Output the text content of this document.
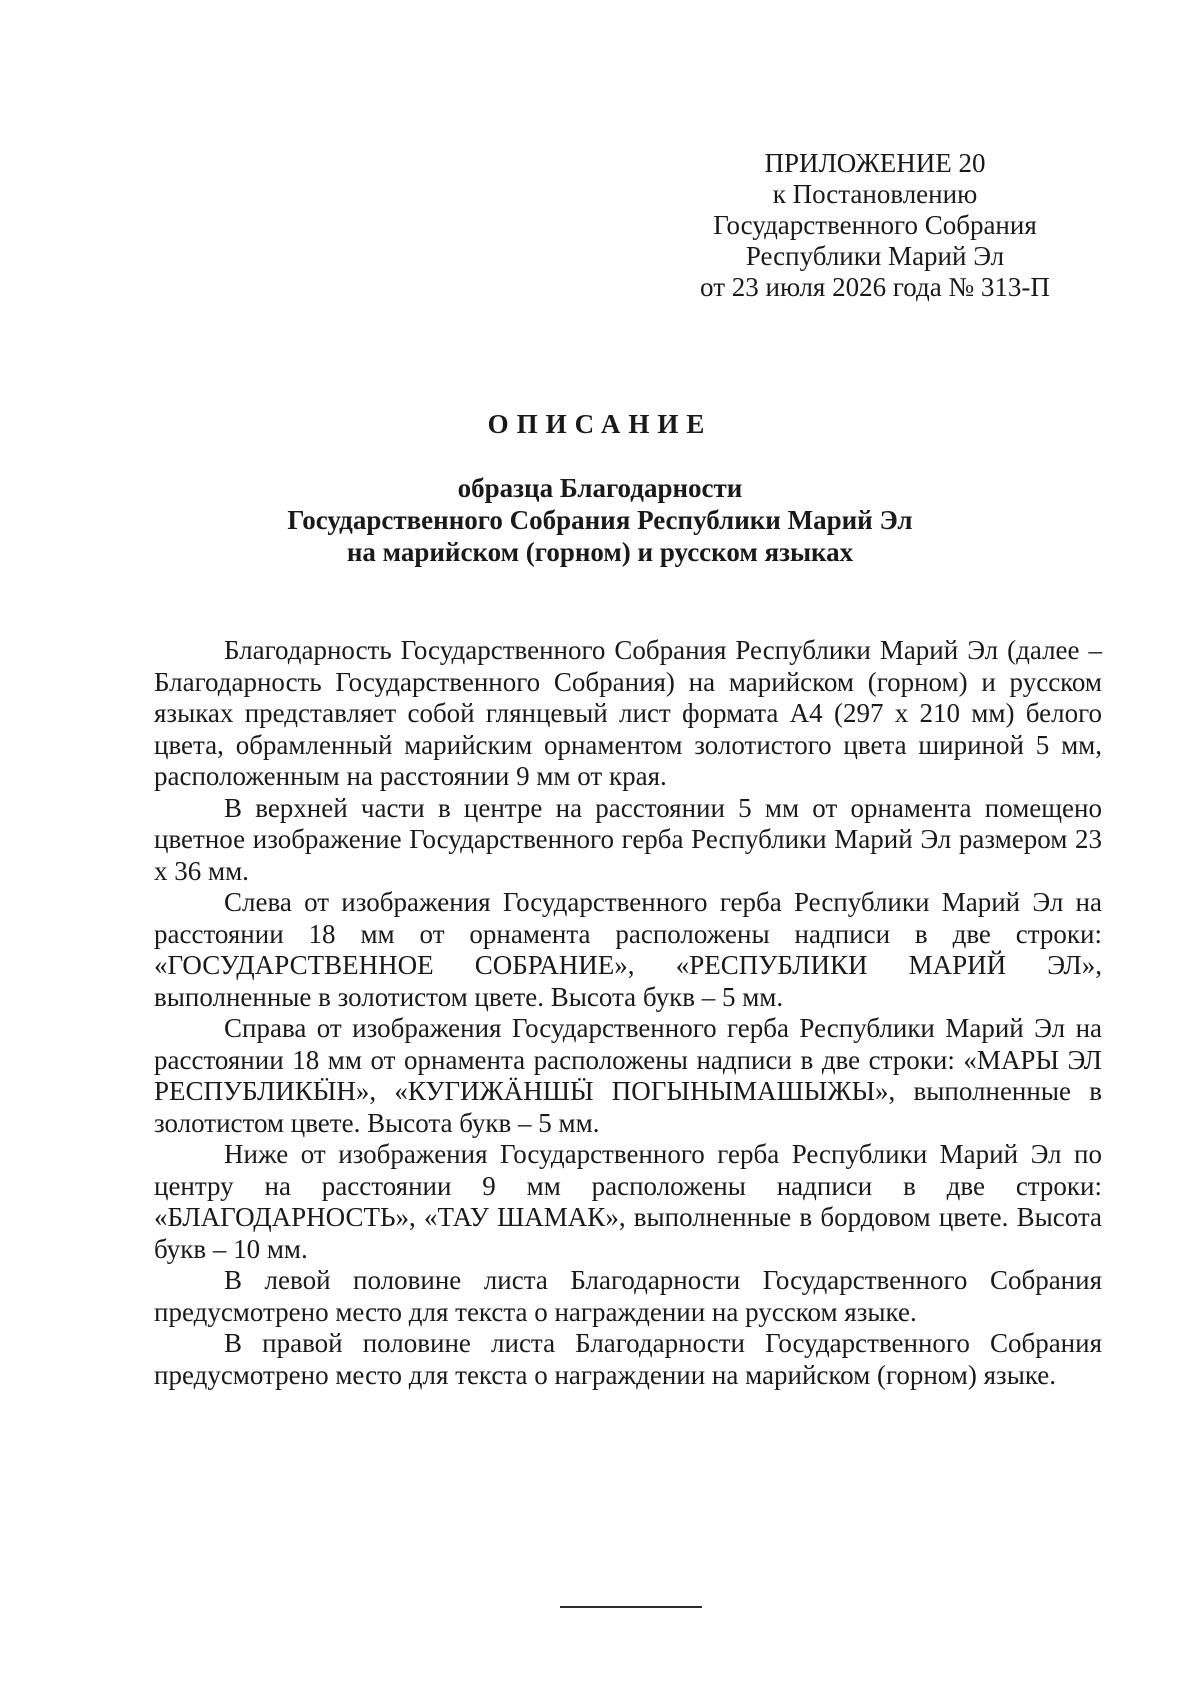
ПРИЛОЖЕНИЕ 20
к Постановлению
Государственного Собрания
Республики Марий Эл
от 23 июля 2026 года № 313-П
ОПИСАНИЕ
образца Благодарности
Государственного Собрания Республики Марий Эл
на марийском (горном) и русском языках

Благодарность Государственного Собрания Республики Марий Эл (далее – Благодарность Государственного Собрания) на марийском (горном) и русском языках представляет собой глянцевый лист формата А4 (297 x 210 мм) белого цвета, обрамленный марийским орнаментом золотистого цвета шириной 5 мм, расположенным на расстоянии 9 мм от края.

В верхней части в центре на расстоянии 5 мм от орнамента помещено цветное изображение Государственного герба Республики Марий Эл размером 23 x 36 мм.

Слева от изображения Государственного герба Республики Марий Эл на расстоянии 18 мм от орнамента расположены надписи в две строки: «ГОСУДАРСТВЕННОЕ СОБРАНИЕ», «РЕСПУБЛИКИ МАРИЙ ЭЛ», выполненные в золотистом цвете. Высота букв – 5 мм.

Справа от изображения Государственного герба Республики Марий Эл на расстоянии 18 мм от орнамента расположены надписи в две строки: «МАРЫ ЭЛ РЕСПУБЛИКӸН», «КУГИЖӒНШӸ ПОГЫНЫМАШЫЖЫ», выполненные в золотистом цвете. Высота букв – 5 мм.

Ниже от изображения Государственного герба Республики Марий Эл по центру на расстоянии 9 мм расположены надписи в две строки: «БЛАГОДАРНОСТЬ», «ТАУ ШАМАК», выполненные в бордовом цвете. Высота букв – 10 мм.

В левой половине листа Благодарности Государственного Собрания предусмотрено место для текста о награждении на русском языке.

В правой половине листа Благодарности Государственного Собрания предусмотрено место для текста о награждении на марийском (горном) языке.
